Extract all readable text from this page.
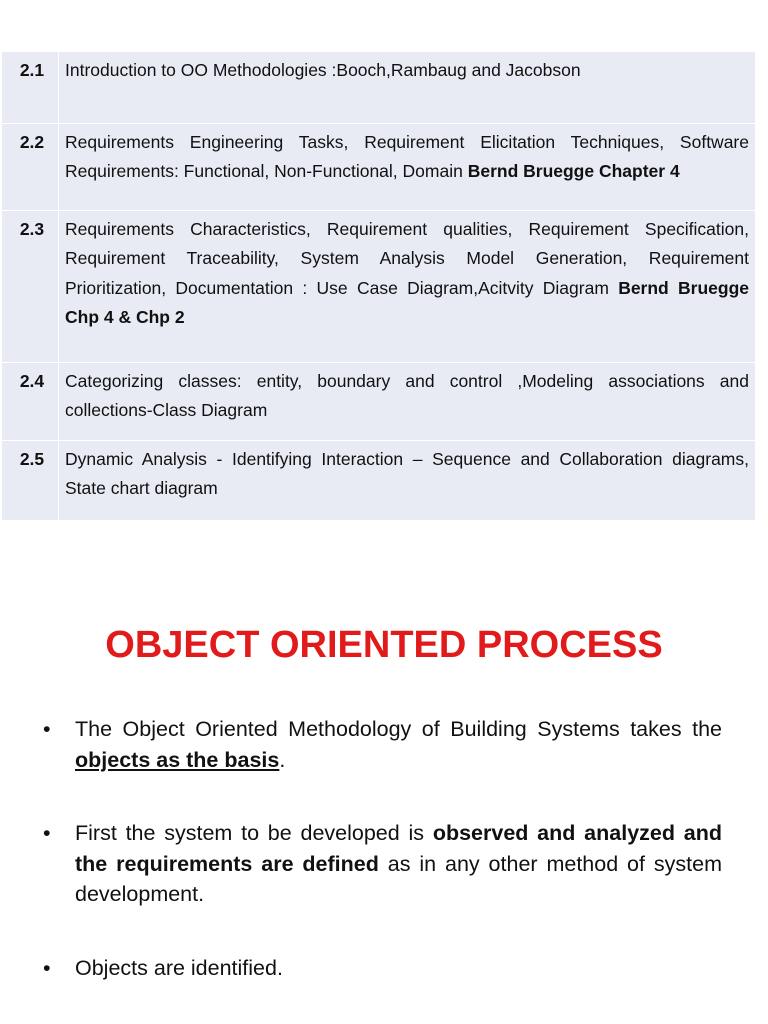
2.1	Introduction to OO Methodologies :Booch,Rambaug and Jacobson
2.2	Requirements Engineering Tasks, Requirement Elicitation Techniques, Software Requirements: Functional, Non-Functional, Domain Bernd Bruegge Chapter 4
2.3	Requirements Characteristics, Requirement qualities, Requirement Specification, Requirement Traceability, System Analysis Model Generation, Requirement Prioritization, Documentation : Use Case Diagram,Acitvity Diagram Bernd Bruegge Chp 4 & Chp 2
2.4	Categorizing classes: entity, boundary and control ,Modeling associations and collections-Class Diagram
2.5	Dynamic Analysis - Identifying Interaction – Sequence and Collaboration diagrams, State chart diagram
OBJECT ORIENTED PROCESS
• The Object Oriented Methodology of Building Systems takes the objects as the basis.
• First the system to be developed is observed and analyzed and the requirements are defined as in any other method of system development.
• Objects are identified.
